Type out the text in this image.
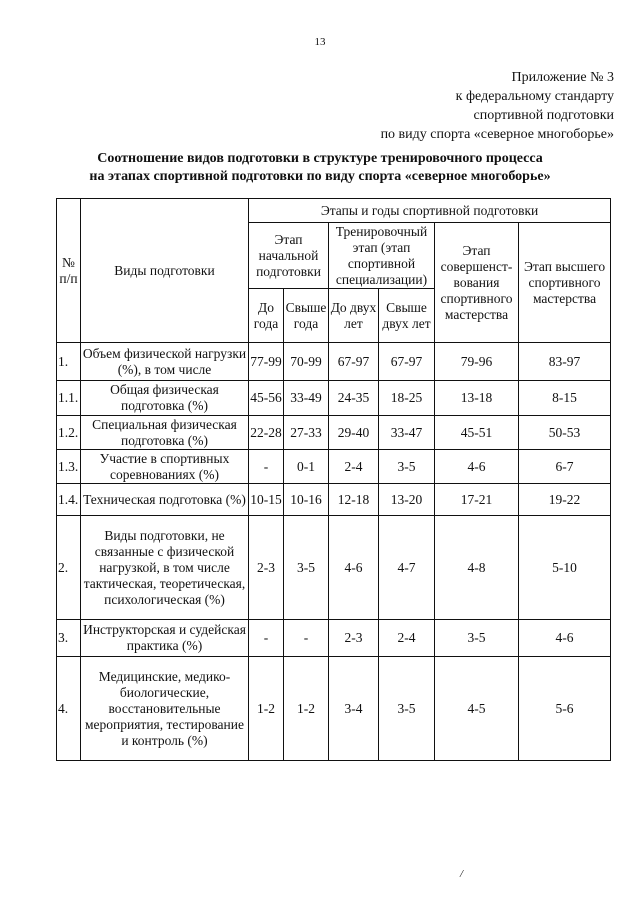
13
Приложение № 3
к федеральному стандарту
спортивной подготовки
по виду спорта «северное многоборье»
Соотношение видов подготовки в структуре тренировочного процесса
на этапах спортивной подготовки по виду спорта «северное многоборье»
№ п/п	Виды подготовки	Этапы и годы спортивной подготовки					
		Этап начальной подготовки		Тренировочный этап (этап спортивной специализации)		Этап совершенст-вования спортивного мастерства	Этап высшего спортивного мастерства
		До года	Свыше года	До двух лет	Свыше двух лет		
1.	Объем физической нагрузки (%), в том числе	77-99	70-99	67-97	67-97	79-96	83-97
1.1.	Общая физическая подготовка (%)	45-56	33-49	24-35	18-25	13-18	8-15
1.2.	Специальная физическая подготовка (%)	22-28	27-33	29-40	33-47	45-51	50-53
1.3.	Участие в спортивных соревнованиях (%)	-	0-1	2-4	3-5	4-6	6-7
1.4.	Техническая подготовка (%)	10-15	10-16	12-18	13-20	17-21	19-22
2.	Виды подготовки, не связанные с физической нагрузкой, в том числе тактическая, теоретическая, психологическая (%)	2-3	3-5	4-6	4-7	4-8	5-10
3.	Инструкторская и судейская практика (%)	-	-	2-3	2-4	3-5	4-6
4.	Медицинские, медико-биологические, восстановительные мероприятия, тестирование и контроль (%)	1-2	1-2	3-4	3-5	4-5	5-6
/
